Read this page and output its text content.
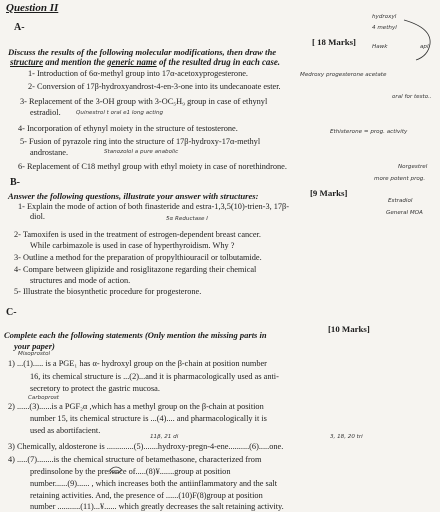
Question II
hydroxyl
4 methyl
apl
Hawk
A-
[ 18 Marks]
Discuss the results of the following molecular modifications, then draw the
structure and mention the generic name of the resulted drug in each case.
1- Introduction of 6α-methyl group into 17α-acetoxyprogesterone.	Medroxy progesterone acetate
2- Conversion of 17β-hydroxyandrost-4-en-3-one into its undecanoate ester.
oral for testo..
3- Replacement of the 3-OH group with 3-OC₅H₉ group in case of ethynyl
estradiol.	Quinestrol t oral e1 long acting
4- Incorporation of ethynyl moiety in the structure of testosterone.	Ethisterone = prog. activity
5- Fusion of pyrazole ring into the structure of 17β-hydroxy-17α-methyl
androstane.	Stanozolol a pure anabolic
6- Replacement of C18 methyl group with ethyl moiety in case of norethindrone.	Norgestrel
more potent prog.
B-
[9 Marks]
Answer the following questions, illustrate your answer with structures:
1- Explain the mode of action of both finasteride and estra-1,3,5(10)-trien-3, 17β-
Estradiol
diol.	5α Reductase I
General MOA
2- Tamoxifen is used in the treatment of estrogen-dependent breast cancer.
While carbimazole is used in case of hyperthyroidism. Why ?
3- Outline a method for the preparation of propylthiouracil or tolbutamide.
4- Compare between glipizide and rosiglitazone regarding their chemical
structures and mode of action.
5- Illustrate the biosynthetic procedure for progesterone.
C-
[10 Marks]
Complete each the following statements (Only mention the missing parts in
your paper)
Misoprostol
1) ...(1)..... is a PGE₁ has α- hydroxyl group on the β-chain at position number
16, its chemical structure is ...(2)...and it is pharmacologically used as anti-
secretory to protect the gastric mucosa.
Carboprost
2) ......(3)......is a PGF₂α ,which has a methyl group on the β-chain at position
number 15, its chemical structure is ...(4).... and pharmacologically it is
used as abortifacient.
11β, 21 di	3, 18, 20 tri
3) Chemically, aldosterone is .............(5).......hydroxy-pregn-4-ene..........(6).....one.
4) .....(7)........is the chemical structure of betamethasone, characterized from
predinsolone by the presence of.....(8)¥.......group at position
number......(9)...... , which increases both the antiinflammatory and the salt
retaining activities. And, the presence of ......(10)F(8)group at position
number ...........(11)...¥...... which greatly decreases the salt retaining activity.
